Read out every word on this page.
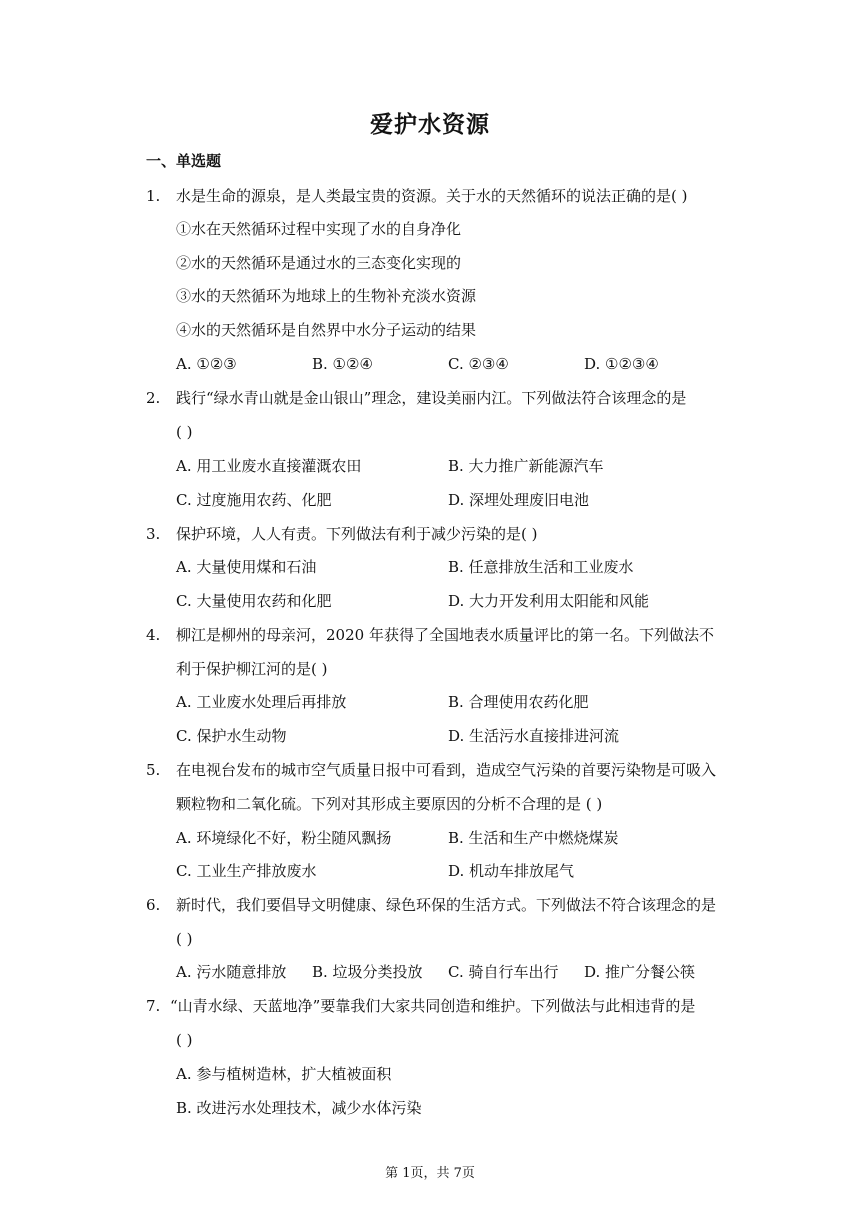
爱护水资源
一、单选题
1. 水是生命的源泉，是人类最宝贵的资源。关于水的天然循环的说法正确的是( )
①水在天然循环过程中实现了水的自身净化
②水的天然循环是通过水的三态变化实现的
③水的天然循环为地球上的生物补充淡水资源
④水的天然循环是自然界中水分子运动的结果
A. ①②③	B. ①②④	C. ②③④	D. ①②③④
2. 践行“绿水青山就是金山银山”理念，建设美丽内江。下列做法符合该理念的是
( )
A. 用工业废水直接灌溉农田	B. 大力推广新能源汽车
C. 过度施用农药、化肥	D. 深埋处理废旧电池
3. 保护环境，人人有责。下列做法有利于减少污染的是( )
A. 大量使用煤和石油	B. 任意排放生活和工业废水
C. 大量使用农药和化肥	D. 大力开发利用太阳能和风能
4. 柳江是柳州的母亲河，2020 年获得了全国地表水质量评比的第一名。下列做法不
利于保护柳江河的是( )
A. 工业废水处理后再排放	B. 合理使用农药化肥
C. 保护水生动物	D. 生活污水直接排进河流
5. 在电视台发布的城市空气质量日报中可看到，造成空气污染的首要污染物是可吸入
颗粒物和二氧化硫。下列对其形成主要原因的分析不合理的是 ( )
A. 环境绿化不好，粉尘随风飘扬	B. 生活和生产中燃烧煤炭
C. 工业生产排放废水	D. 机动车排放尾气
6. 新时代，我们要倡导文明健康、绿色环保的生活方式。下列做法不符合该理念的是
( )
A. 污水随意排放 B. 垃圾分类投放 C. 骑自行车出行 D. 推广分餐公筷
7. “山青水绿、天蓝地净”要靠我们大家共同创造和维护。下列做法与此相违背的是
( )
A. 参与植树造林，扩大植被面积
B. 改进污水处理技术，减少水体污染
第 1页，共 7页
